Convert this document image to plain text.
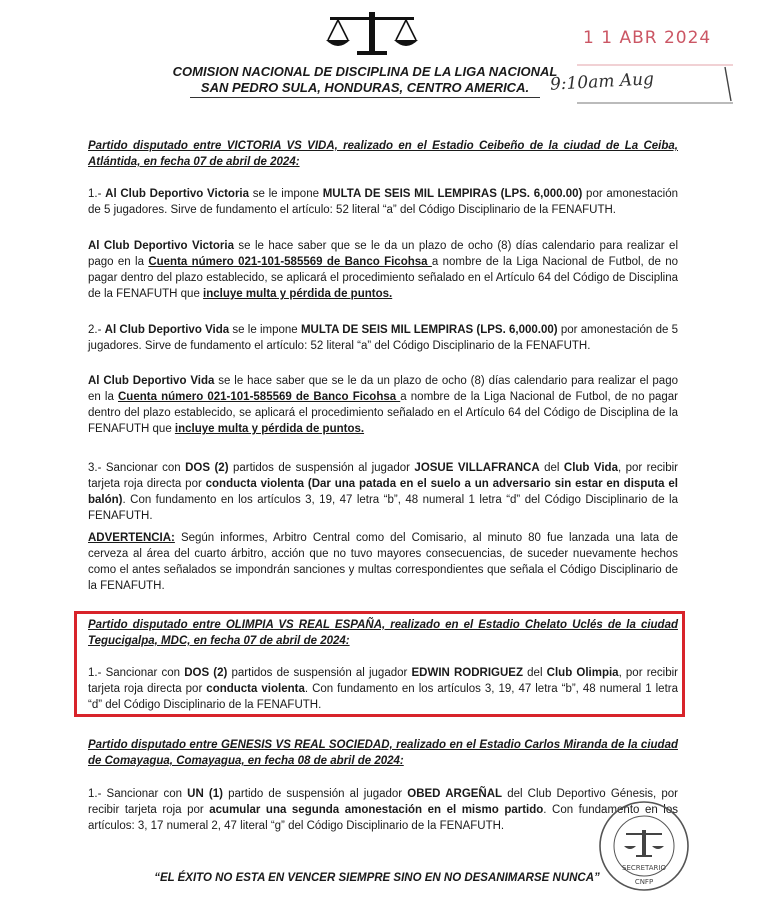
1 1 ABR 2024
9:10am Aug

COMISION NACIONAL DE DISCIPLINA DE LA LIGA NACIONAL

SAN PEDRO SULA, HONDURAS, CENTRO AMERICA.

Partido disputado entre VICTORIA VS VIDA, realizado en el Estadio Ceibeño de la ciudad de La Ceiba, Atlántida, en fecha 07 de abril de 2024:

1.- Al Club Deportivo Victoria se le impone MULTA DE SEIS MIL LEMPIRAS (LPS. 6,000.00) por amonestación de 5 jugadores. Sirve de fundamento el artículo: 52 literal “a” del Código Disciplinario de la FENAFUTH.

Al Club Deportivo Victoria se le hace saber que se le da un plazo de ocho (8) días calendario para realizar el pago en la Cuenta número 021-101-585569 de Banco Ficohsa a nombre de la Liga Nacional de Futbol, de no pagar dentro del plazo establecido, se aplicará el procedimiento señalado en el Artículo 64 del Código de Disciplina de la FENAFUTH que incluye multa y pérdida de puntos.

2.- Al Club Deportivo Vida se le impone MULTA DE SEIS MIL LEMPIRAS (LPS. 6,000.00) por amonestación de 5 jugadores. Sirve de fundamento el artículo: 52 literal “a” del Código Disciplinario de la FENAFUTH.

Al Club Deportivo Vida se le hace saber que se le da un plazo de ocho (8) días calendario para realizar el pago en la Cuenta número 021-101-585569 de Banco Ficohsa a nombre de la Liga Nacional de Futbol, de no pagar dentro del plazo establecido, se aplicará el procedimiento señalado en el Artículo 64 del Código de Disciplina de la FENAFUTH que incluye multa y pérdida de puntos.

3.- Sancionar con DOS (2) partidos de suspensión al jugador JOSUE VILLAFRANCA del Club Vida, por recibir tarjeta roja directa por conducta violenta (Dar una patada en el suelo a un adversario sin estar en disputa el balón). Con fundamento en los artículos 3, 19, 47 letra “b”, 48 numeral 1 letra “d” del Código Disciplinario de la FENAFUTH.

ADVERTENCIA: Según informes, Arbitro Central como del Comisario, al minuto 80 fue lanzada una lata de cerveza al área del cuarto árbitro, acción que no tuvo mayores consecuencias, de suceder nuevamente hechos como el antes señalados se impondrán sanciones y multas correspondientes que señala el Código Disciplinario de la FENAFUTH.

Partido disputado entre OLIMPIA VS REAL ESPAÑA, realizado en el Estadio Chelato Uclés de la ciudad Tegucigalpa, MDC, en fecha 07 de abril de 2024:

1.- Sancionar con DOS (2) partidos de suspensión al jugador EDWIN RODRIGUEZ del Club Olimpia, por recibir tarjeta roja directa por conducta violenta. Con fundamento en los artículos 3, 19, 47 letra “b”, 48 numeral 1 letra “d” del Código Disciplinario de la FENAFUTH.

Partido disputado entre GENESIS VS REAL SOCIEDAD, realizado en el Estadio Carlos Miranda de la ciudad de Comayagua, Comayagua, en fecha 08 de abril de 2024:

1.- Sancionar con UN (1) partido de suspensión al jugador OBED ARGEÑAL del Club Deportivo Génesis, por recibir tarjeta roja por acumular una segunda amonestación en el mismo partido. Con fundamento en los artículos: 3, 17 numeral 2, 47 literal “g” del Código Disciplinario de la FENAFUTH.

SECRETARIO
CNFP

“EL ÉXITO NO ESTA EN VENCER SIEMPRE SINO EN NO DESANIMARSE NUNCA”
